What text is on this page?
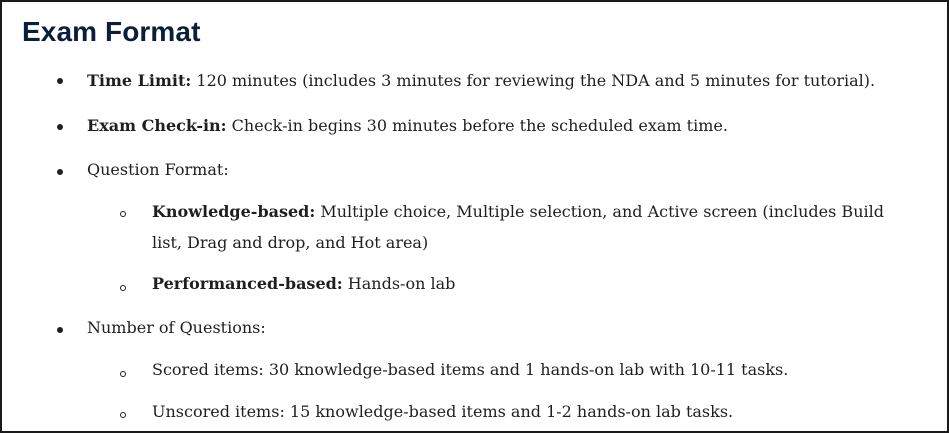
Exam Format
Time Limit: 120 minutes (includes 3 minutes for reviewing the NDA and 5 minutes for tutorial).
Exam Check-in: Check-in begins 30 minutes before the scheduled exam time.
Question Format:
Knowledge-based: Multiple choice, Multiple selection, and Active screen (includes Build
list, Drag and drop, and Hot area)
Performanced-based: Hands-on lab
Number of Questions:
Scored items: 30 knowledge-based items and 1 hands-on lab with 10-11 tasks.
Unscored items: 15 knowledge-based items and 1-2 hands-on lab tasks.
